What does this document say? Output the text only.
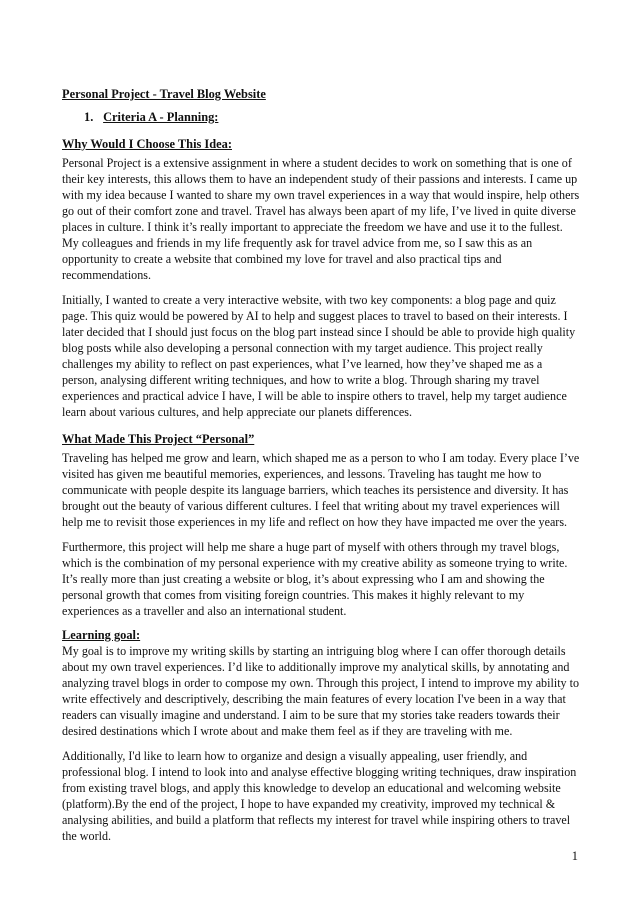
Personal Project - Travel Blog Website

1. Criteria A - Planning:
Why Would I Choose This Idea:

Personal Project is a extensive assignment in where a student decides to work on something that is one of their key interests, this allows them to have an independent study of their passions and interests. I came up with my idea because I wanted to share my own travel experiences in a way that would inspire, help others go out of their comfort zone and travel. Travel has always been apart of my life, I’ve lived in quite diverse places in culture. I think it’s really important to appreciate the freedom we have and use it to the fullest. My colleagues and friends in my life frequently ask for travel advice from me, so I saw this as an opportunity to create a website that combined my love for travel and also practical tips and recommendations.

Initially, I wanted to create a very interactive website, with two key components: a blog page and quiz page. This quiz would be powered by AI to help and suggest places to travel to based on their interests. I later decided that I should just focus on the blog part instead since I should be able to provide high quality blog posts while also developing a personal connection with my target audience. This project really challenges my ability to reflect on past experiences, what I’ve learned, how they’ve shaped me as a person, analysing different writing techniques, and how to write a blog. Through sharing my travel experiences and practical advice I have, I will be able to inspire others to travel, help my target audience learn about various cultures, and help appreciate our planets differences.

What Made This Project “Personal”

Traveling has helped me grow and learn, which shaped me as a person to who I am today. Every place I’ve visited has given me beautiful memories, experiences, and lessons. Traveling has taught me how to communicate with people despite its language barriers, which teaches its persistence and diversity. It has brought out the beauty of various different cultures. I feel that writing about my travel experiences will help me to revisit those experiences in my life and reflect on how they have impacted me over the years.

Furthermore, this project will help me share a huge part of myself with others through my travel blogs, which is the combination of my personal experience with my creative ability as someone trying to write. It’s really more than just creating a website or blog, it’s about expressing who I am and showing the personal growth that comes from visiting foreign countries. This makes it highly relevant to my experiences as a traveller and also an international student.

Learning goal:

My goal is to improve my writing skills by starting an intriguing blog where I can offer thorough details about my own travel experiences. I’d like to additionally improve my analytical skills, by annotating and analyzing travel blogs in order to compose my own. Through this project, I intend to improve my ability to write effectively and descriptively, describing the main features of every location I've been in a way that readers can visually imagine and understand. I aim to be sure that my stories take readers towards their desired destinations which I wrote about and make them feel as if they are traveling with me.

Additionally, I'd like to learn how to organize and design a visually appealing, user friendly, and professional blog. I intend to look into and analyse effective blogging writing techniques, draw inspiration from existing travel blogs, and apply this knowledge to develop an educational and welcoming website (platform).By the end of the project, I hope to have expanded my creativity, improved my technical & analysing abilities, and build a platform that reflects my interest for travel while inspiring others to travel the world.

1
